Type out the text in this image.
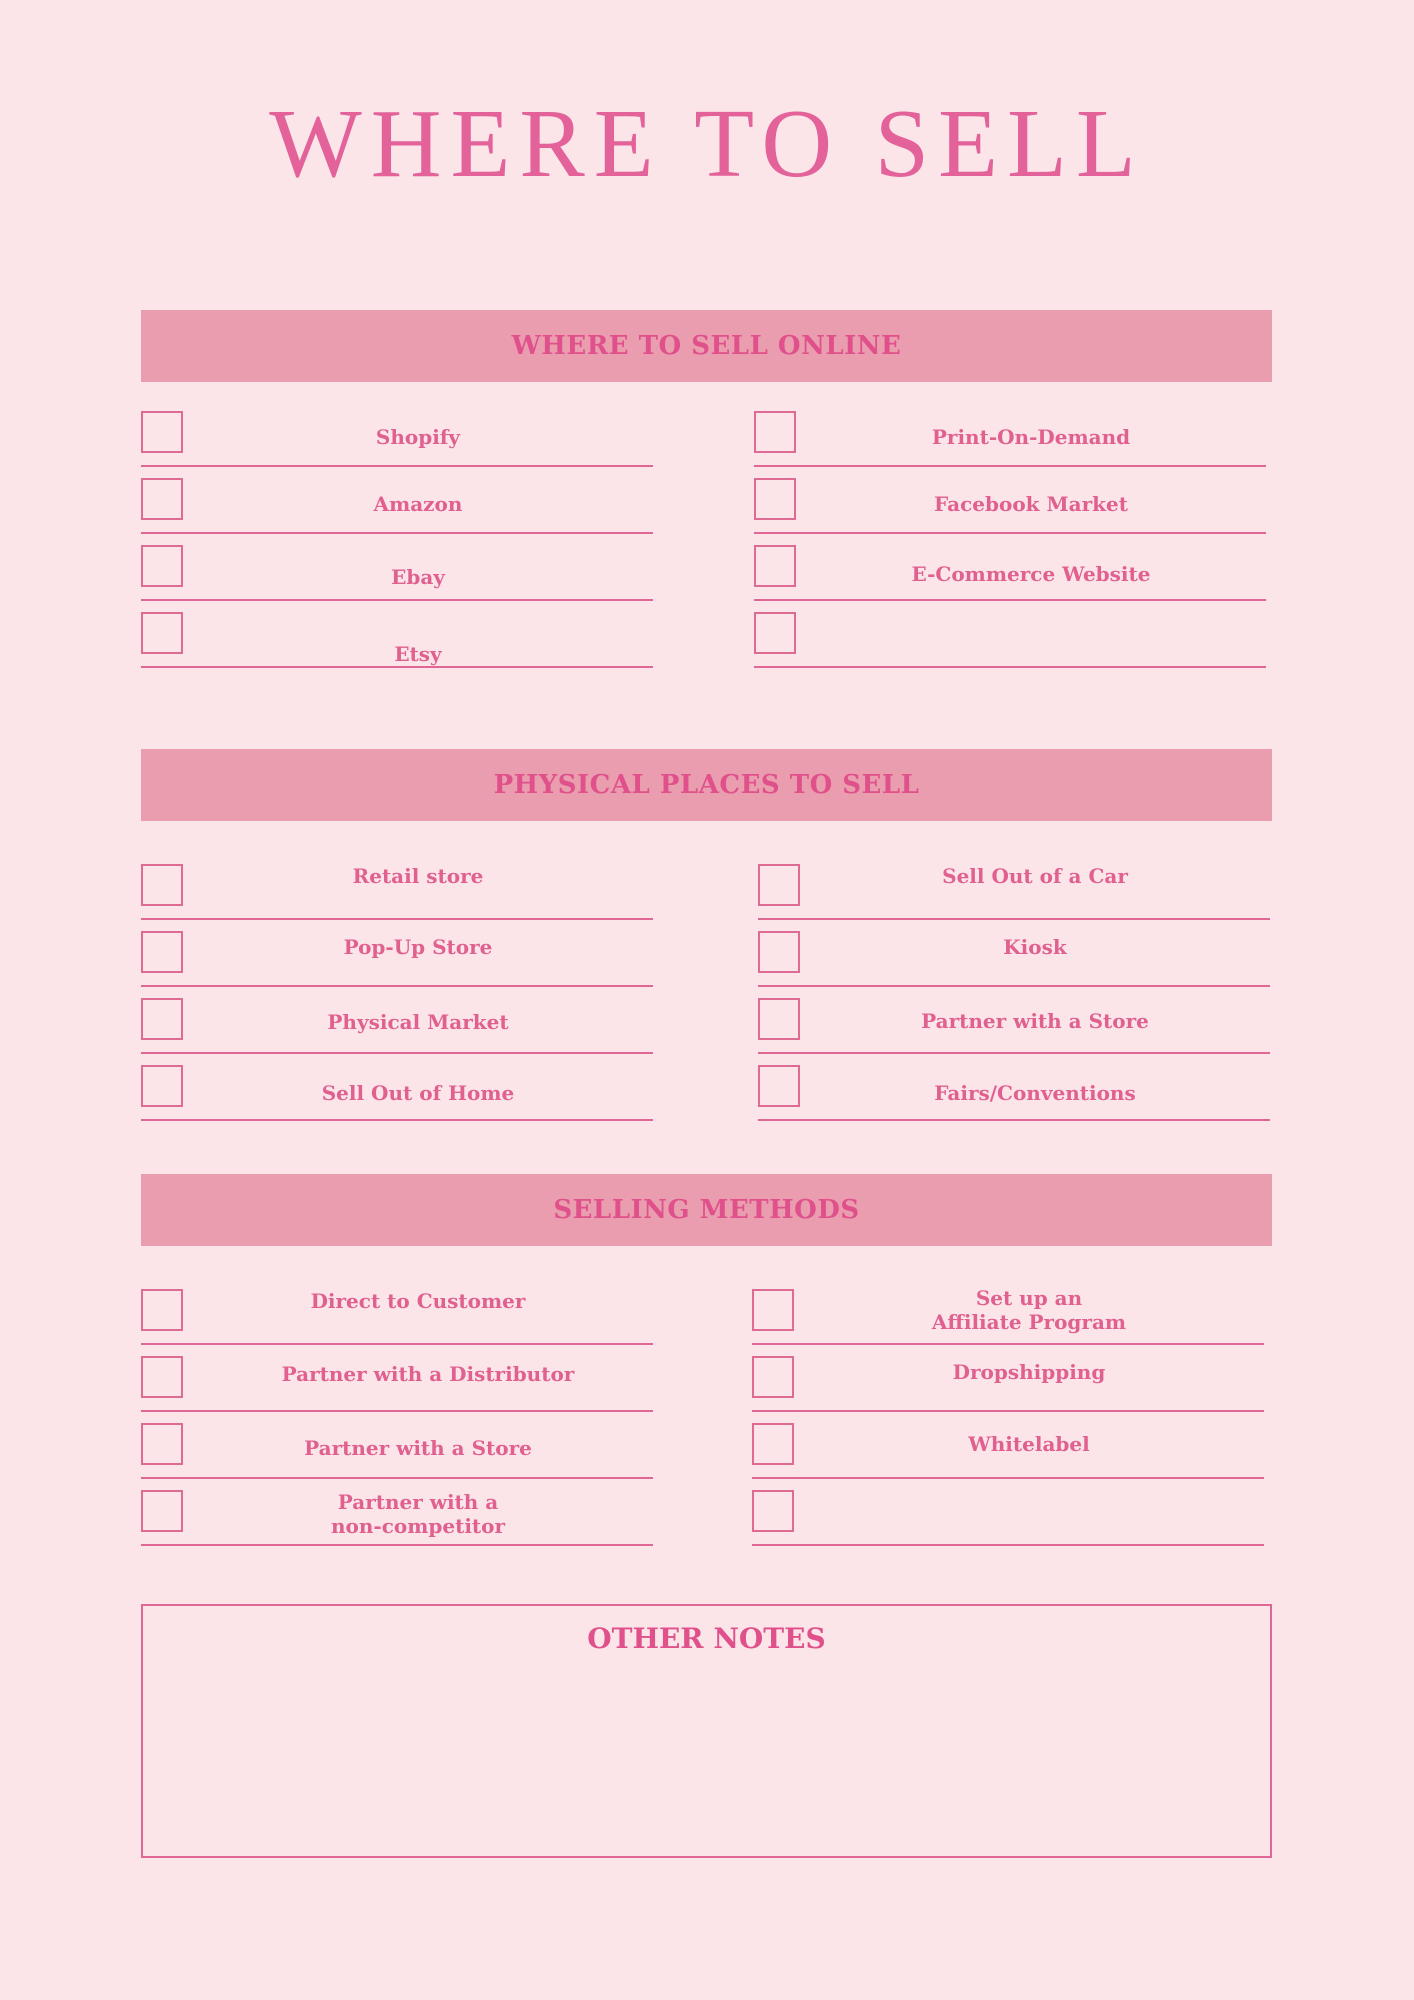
WHERE TO SELL
WHERE TO SELL ONLINE
Shopify
Amazon
Ebay
Etsy
Print-On-Demand
Facebook Market
E-Commerce Website
PHYSICAL PLACES TO SELL
Retail store
Pop-Up Store
Physical Market
Sell Out of Home
Sell Out of a Car
Kiosk
Partner with a Store
Fairs/Conventions
SELLING METHODS
Direct to Customer
Partner with a Distributor
Partner with a Store
Partner with a
non-competitor
Set up an
Affiliate Program
Dropshipping
Whitelabel
OTHER NOTES
